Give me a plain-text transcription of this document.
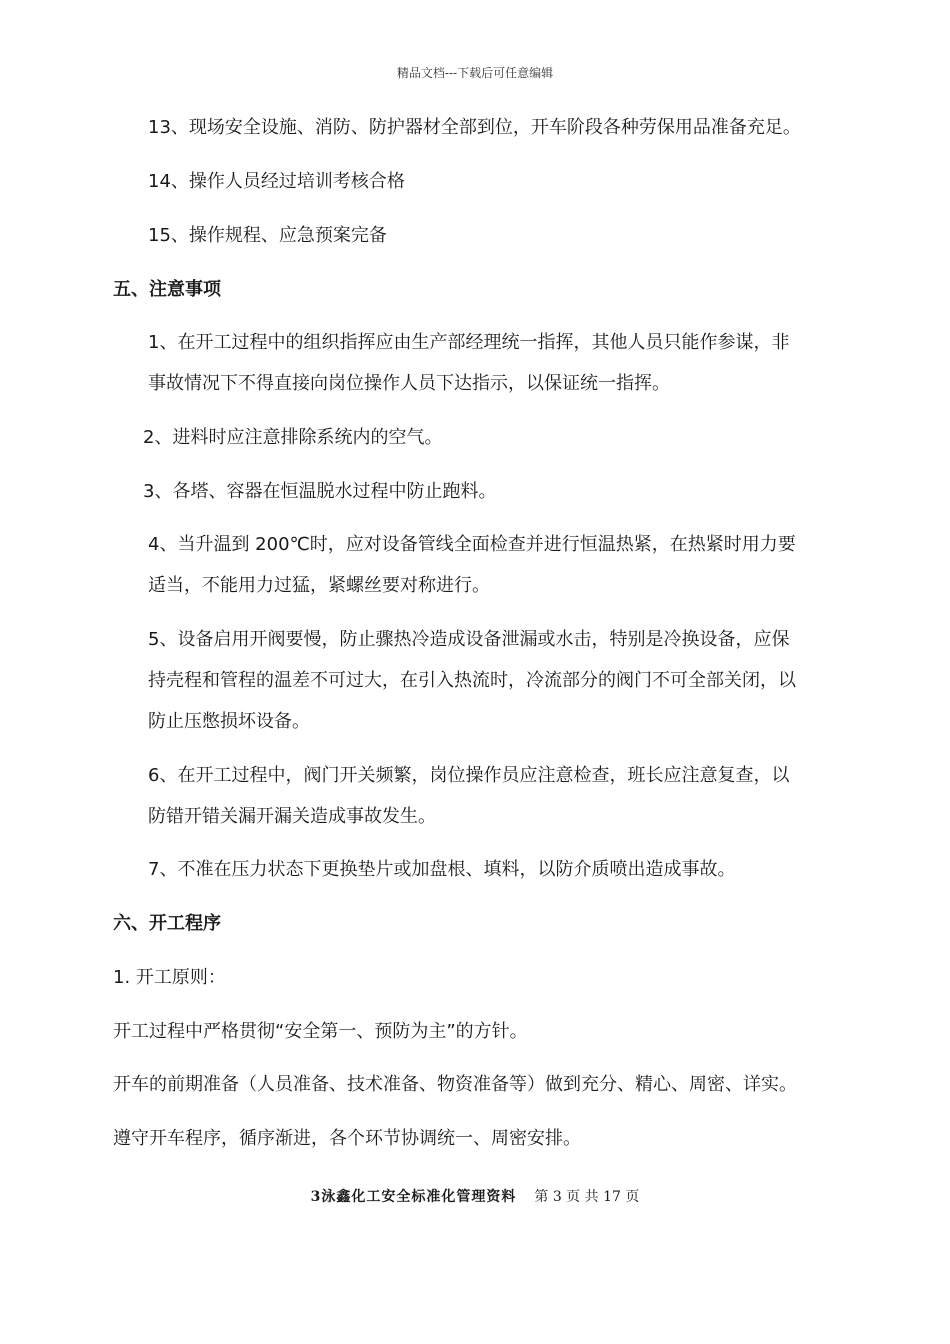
精品文档---下载后可任意编辑
13、现场安全设施、消防、防护器材全部到位，开车阶段各种劳保用品准备充足。
14、操作人员经过培训考核合格
15、操作规程、应急预案完备
五、注意事项
1、在开工过程中的组织指挥应由生产部经理统一指挥，其他人员只能作参谋，非
事故情况下不得直接向岗位操作人员下达指示，以保证统一指挥。
2、进料时应注意排除系统内的空气。
3、各塔、容器在恒温脱水过程中防止跑料。
4、当升温到 200℃时，应对设备管线全面检查并进行恒温热紧，在热紧时用力要
适当，不能用力过猛，紧螺丝要对称进行。
5、设备启用开阀要慢，防止骤热冷造成设备泄漏或水击，特别是冷换设备，应保
持壳程和管程的温差不可过大，在引入热流时，冷流部分的阀门不可全部关闭，以
防止压憋损坏设备。
6、在开工过程中，阀门开关频繁，岗位操作员应注意检查，班长应注意复查，以
防错开错关漏开漏关造成事故发生。
7、不准在压力状态下更换垫片或加盘根、填料，以防介质喷出造成事故。
六、开工程序
1. 开工原则：
开工过程中严格贯彻“安全第一、预防为主”的方针。
开车的前期准备（人员准备、技术准备、物资准备等）做到充分、精心、周密、详实。
遵守开车程序，循序渐进，各个环节协调统一、周密安排。
3泳鑫化工安全标准化管理资料 第 3 页 共 17 页
